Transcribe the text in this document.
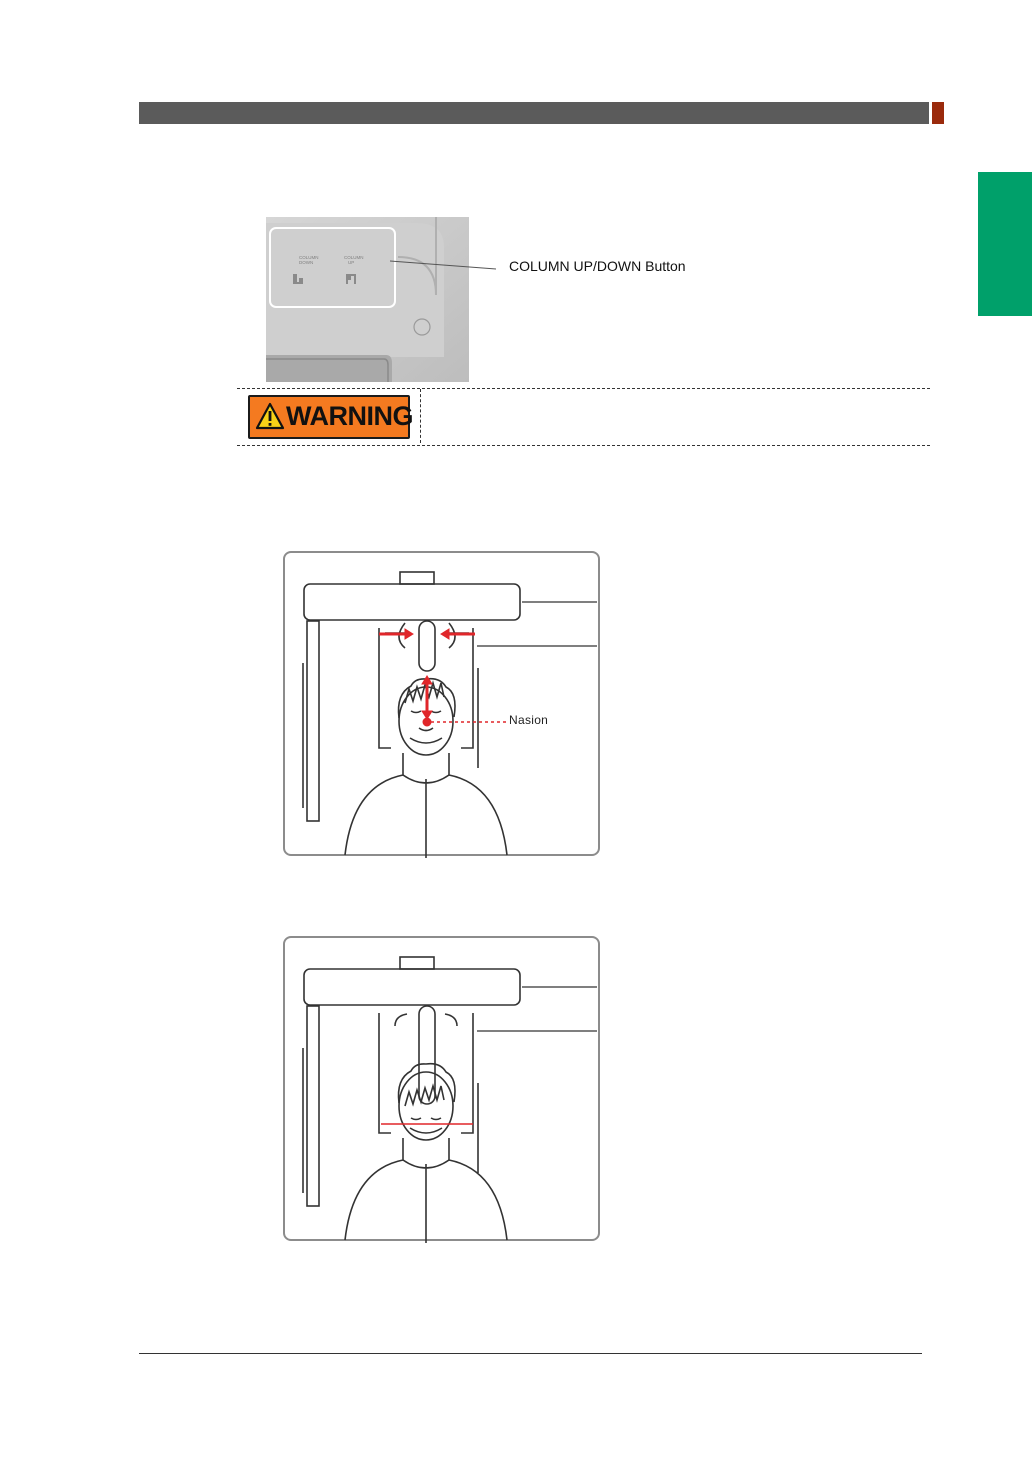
COLUMN
DOWN
COLUMN
UP	COLUMN UP/DOWN Button
WARNING
Nasion
